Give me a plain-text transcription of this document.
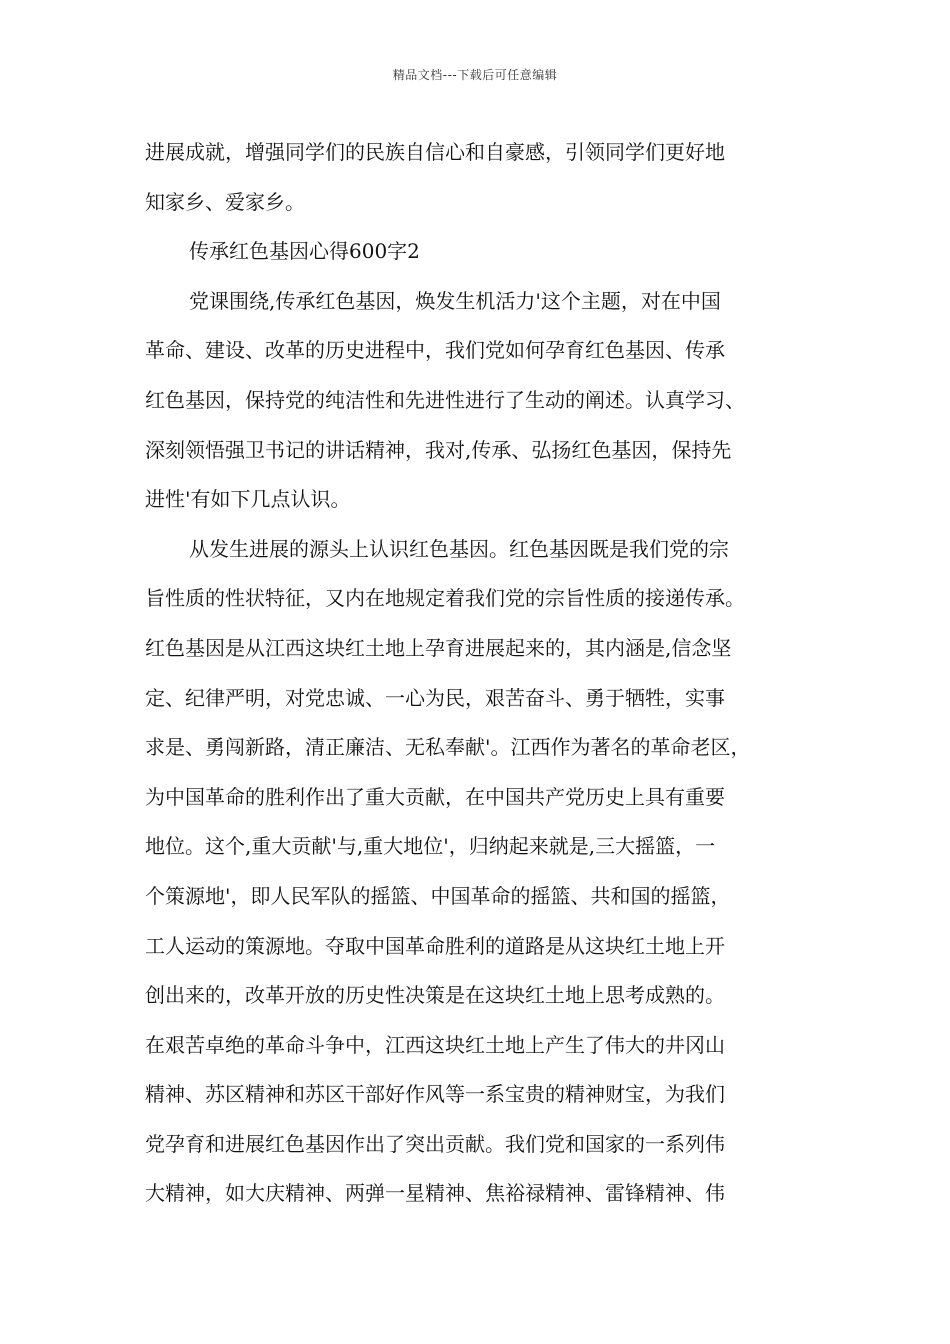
精品文档---下载后可任意编辑
进展成就，增强同学们的民族自信心和自豪感，引领同学们更好地
知家乡、爱家乡。
传承红色基因心得600字2
党课围绕,传承红色基因，焕发生机活力'这个主题，对在中国
革命、建设、改革的历史进程中，我们党如何孕育红色基因、传承
红色基因，保持党的纯洁性和先进性进行了生动的阐述。认真学习、
深刻领悟强卫书记的讲话精神，我对,传承、弘扬红色基因，保持先
进性'有如下几点认识。
从发生进展的源头上认识红色基因。红色基因既是我们党的宗
旨性质的性状特征，又内在地规定着我们党的宗旨性质的接递传承。
红色基因是从江西这块红土地上孕育进展起来的，其内涵是,信念坚
定、纪律严明，对党忠诚、一心为民，艰苦奋斗、勇于牺牲，实事
求是、勇闯新路，清正廉洁、无私奉献'。江西作为著名的革命老区，
为中国革命的胜利作出了重大贡献，在中国共产党历史上具有重要
地位。这个,重大贡献'与,重大地位'，归纳起来就是,三大摇篮，一
个策源地'，即人民军队的摇篮、中国革命的摇篮、共和国的摇篮，
工人运动的策源地。夺取中国革命胜利的道路是从这块红土地上开
创出来的，改革开放的历史性决策是在这块红土地上思考成熟的。
在艰苦卓绝的革命斗争中，江西这块红土地上产生了伟大的井冈山
精神、苏区精神和苏区干部好作风等一系宝贵的精神财宝，为我们
党孕育和进展红色基因作出了突出贡献。我们党和国家的一系列伟
大精神，如大庆精神、两弹一星精神、焦裕禄精神、雷锋精神、伟
